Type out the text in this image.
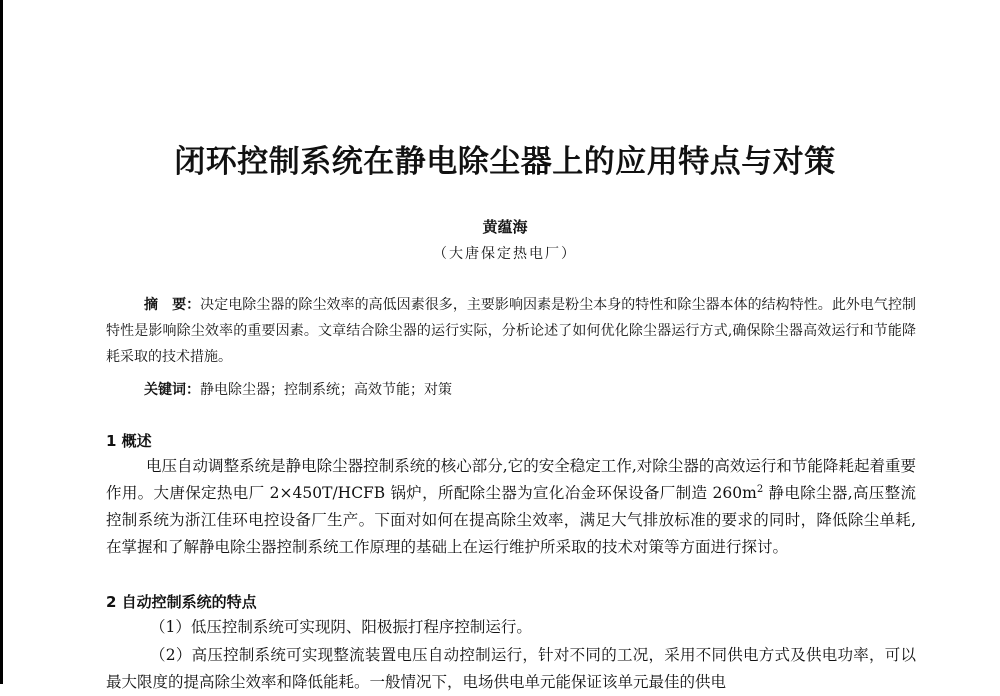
闭环控制系统在静电除尘器上的应用特点与对策
黄蕴海
（大唐保定热电厂）

摘　要：决定电除尘器的除尘效率的高低因素很多，主要影响因素是粉尘本身的特性和除尘器本体的结构特性。此外电气控制特性是影响除尘效率的重要因素。文章结合除尘器的运行实际，分析论述了如何优化除尘器运行方式,确保除尘器高效运行和节能降耗采取的技术措施。

关键词：静电除尘器；控制系统；高效节能；对策
1 概述

电压自动调整系统是静电除尘器控制系统的核心部分,它的安全稳定工作,对除尘器的高效运行和节能降耗起着重要作用。大唐保定热电厂 2×450T/HCFB 锅炉，所配除尘器为宣化冶金环保设备厂制造 $260m^2$ 静电除尘器,高压整流控制系统为浙江佳环电控设备厂生产。下面对如何在提高除尘效率，满足大气排放标准的要求的同时，降低除尘单耗,在掌握和了解静电除尘器控制系统工作原理的基础上在运行维护所采取的技术对策等方面进行探讨。

2 自动控制系统的特点

（1）低压控制系统可实现阴、阳极振打程序控制运行。

（2）高压控制系统可实现整流装置电压自动控制运行，针对不同的工况，采用不同供电方式及供电功率，可以最大限度的提高除尘效率和降低能耗。一般情况下，电场供电单元能保证该单元最佳的供电
